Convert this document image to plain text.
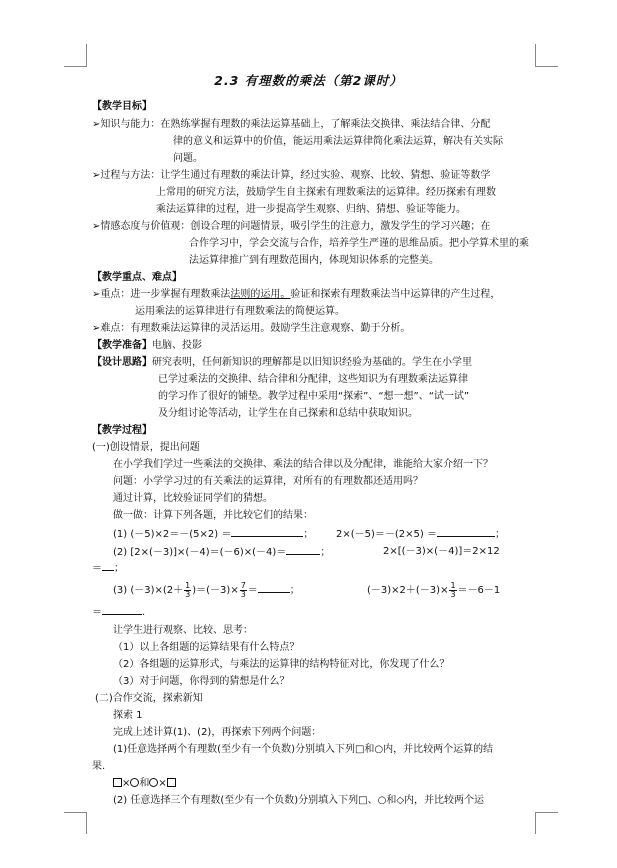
2.3 有理数的乘法（第2课时）
【教学目标】
➢知识与能力：在熟练掌握有理数的乘法运算基础上，了解乘法交换律、乘法结合律、分配
律的意义和运算中的价值，能运用乘法运算律简化乘法运算，解决有关实际
问题。
➢过程与方法：让学生通过有理数的乘法计算，经过实验、观察、比较、猜想、验证等数学
上常用的研究方法，鼓励学生自主探索有理数乘法的运算律。经历探索有理数
乘法运算律的过程，进一步提高学生观察、归纳、猜想、验证等能力。
➢情感态度与价值观：创设合理的问题情景，吸引学生的注意力，激发学生的学习兴趣；在
合作学习中，学会交流与合作，培养学生严谨的思维品质。把小学算术里的乘
法运算律推广到有理数范围内，体现知识体系的完整美。
【教学重点、难点】
➢重点：进一步掌握有理数乘法法则的运用。验证和探索有理数乘法当中运算律的产生过程，
运用乘法的运算律进行有理数乘法的简便运算。
➢难点：有理数乘法运算律的灵活运用。鼓励学生注意观察、勤于分析。
【教学准备】电脑、投影
【设计思路】研究表明，任何新知识的理解都是以旧知识经验为基础的。学生在小学里
已学过乘法的交换律、结合律和分配律，这些知识为有理数乘法运算律
的学习作了很好的铺垫。教学过程中采用“探索”、“想一想”、“试一试”
及分组讨论等活动，让学生在自己探索和总结中获取知识。
【教学过程】
(一)创设情景，提出问题
在小学我们学过一些乘法的交换律、乘法的结合律以及分配律，谁能给大家介绍一下？
问题：小学学习过的有关乘法的运算律，对所有的有理数都还适用吗？
通过计算，比较验证同学们的猜想。
做一做：计算下列各题，并比较它们的结果：
(1) (－5)×2＝－(5×2) ＝	； 2×(－5)＝－(2×5) ＝	；
(2) [2×(－3)]×(－4)＝(－6)×(－4)＝	；	2×[(－3)×(－4)]＝2×12
＝ ；
(3) $(-3)\times(2+ \frac{1}{3} )=(-3)\times \frac{7}{3}$ ＝	；	$(-3)\times 2+(-3)\times \frac{1}{3} =-6-1$
＝	.
让学生进行观察、比较、思考：
（1）以上各组题的运算结果有什么特点？
（2）各组题的运算形式，与乘法的运算律的结构特征对比，你发现了什么？
（3）对于问题，你得到的猜想是什么？
(二)合作交流，探索新知
探索 1
完成上述计算(1)、(2)，再探索下列两个问题：
(1)任意选择两个有理数(至少有一个负数)分别填入下列□和○内，并比较两个运算的结
果.
× 和 ×
(2) 任意选择三个有理数(至少有一个负数)分别填入下列□、○和◇内，并比较两个运
